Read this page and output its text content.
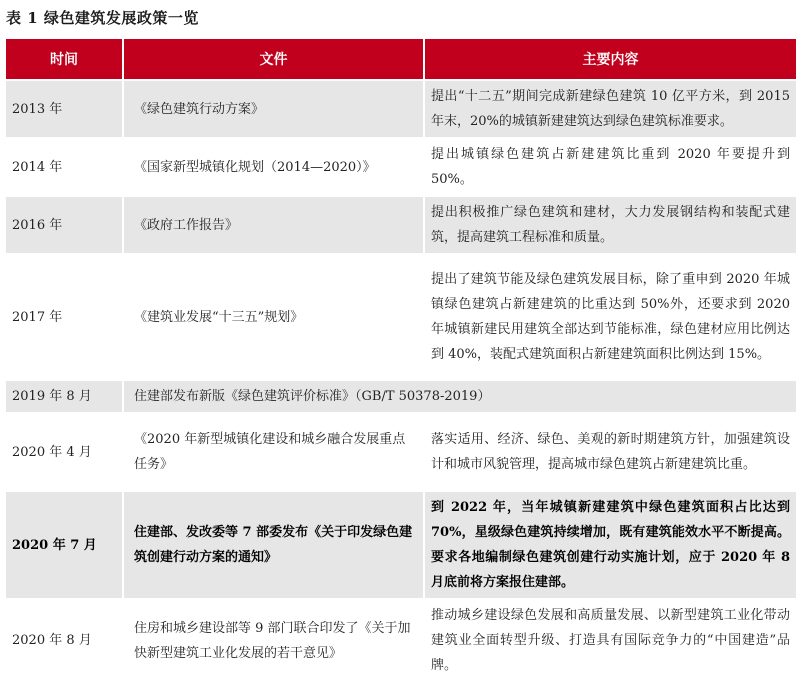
表 1 绿色建筑发展政策一览
时间	文件	主要内容
2013 年	《绿色建筑行动方案》	提出“十二五”期间完成新建绿色建筑 10 亿平方米，到 2015 年末，20%的城镇新建建筑达到绿色建筑标准要求。
2014 年	《国家新型城镇化规划（2014—2020）》	提出城镇绿色建筑占新建建筑比重到 2020 年要提升到 50%。
2016 年	《政府工作报告》	提出积极推广绿色建筑和建材，大力发展钢结构和装配式建筑，提高建筑工程标准和质量。
2017 年	《建筑业发展“十三五”规划》	提出了建筑节能及绿色建筑发展目标，除了重申到 2020 年城镇绿色建筑占新建建筑的比重达到 50%外，还要求到 2020 年城镇新建民用建筑全部达到节能标准，绿色建材应用比例达到 40%，装配式建筑面积占新建建筑面积比例达到 15%。
2019 年 8 月	住建部发布新版《绿色建筑评价标准》（GB/T 50378-2019）	
2020 年 4 月	《2020 年新型城镇化建设和城乡融合发展重点任务》	落实适用、经济、绿色、美观的新时期建筑方针，加强建筑设计和城市风貌管理，提高城市绿色建筑占新建建筑比重。
2020 年 7 月	住建部、发改委等 7 部委发布《关于印发绿色建筑创建行动方案的通知》	到 2022 年，当年城镇新建建筑中绿色建筑面积占比达到 70%，星级绿色建筑持续增加，既有建筑能效水平不断提高。要求各地编制绿色建筑创建行动实施计划，应于 2020 年 8 月底前将方案报住建部。
2020 年 8 月	住房和城乡建设部等 9 部门联合印发了《关于加快新型建筑工业化发展的若干意见》	推动城乡建设绿色发展和高质量发展、以新型建筑工业化带动建筑业全面转型升级、打造具有国际竞争力的“中国建造”品牌。
